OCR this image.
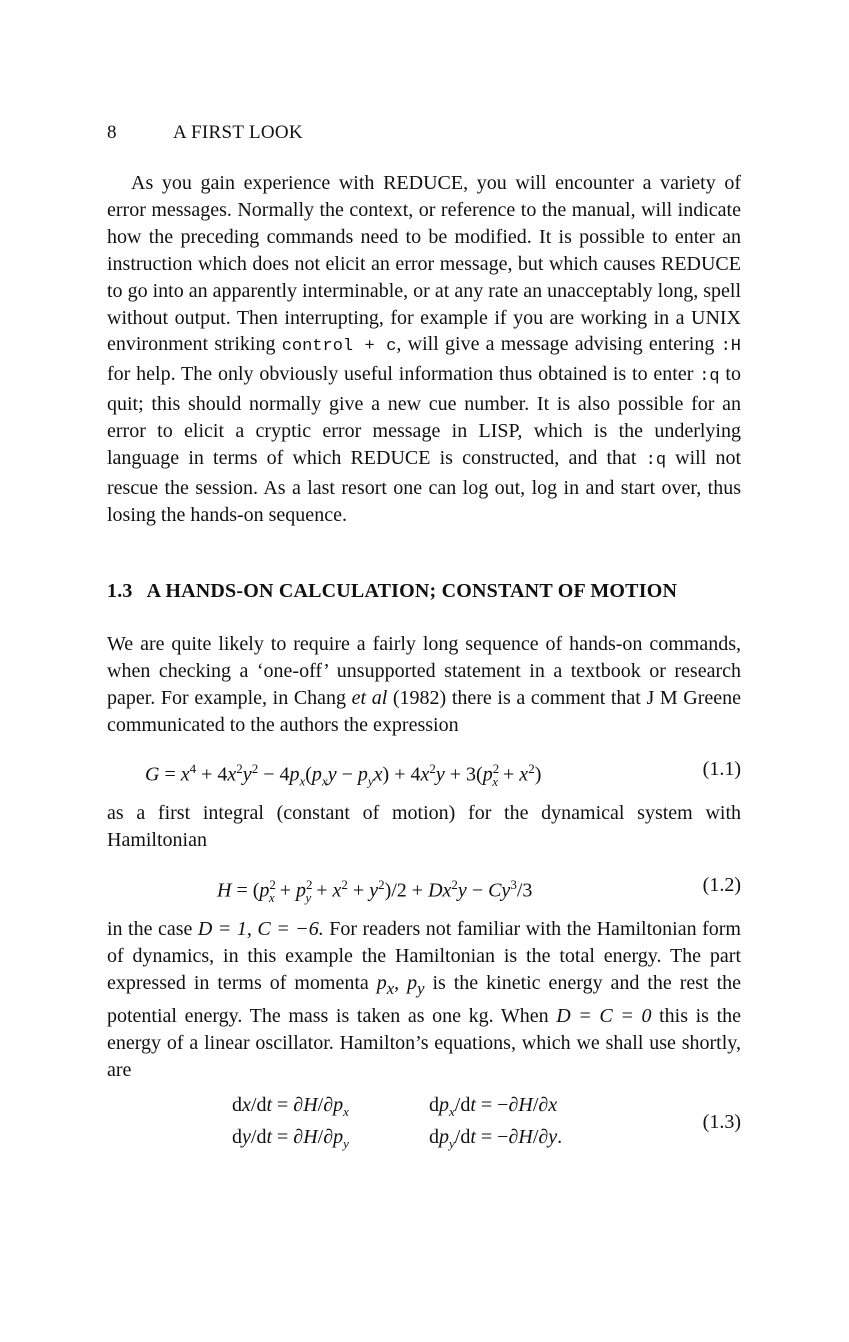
8	A FIRST LOOK

As you gain experience with REDUCE, you will encounter a variety of error messages. Normally the context, or reference to the manual, will indicate how the preceding commands need to be modified. It is possible to enter an instruction which does not elicit an error message, but which causes REDUCE to go into an apparently interminable, or at any rate an unacceptably long, spell without output. Then interrupting, for example if you are working in a UNIX environment striking control + c, will give a message advising entering :H for help. The only obviously useful information thus obtained is to enter :q to quit; this should normally give a new cue number. It is also possible for an error to elicit a cryptic error message in LISP, which is the underlying language in terms of which REDUCE is constructed, and that :q will not rescue the session. As a last resort one can log out, log in and start over, thus losing the hands-on sequence.

1.3 A HANDS-ON CALCULATION; CONSTANT OF MOTION

We are quite likely to require a fairly long sequence of hands-on commands, when checking a ‘one-off’ unsupported statement in a textbook or research paper. For example, in Chang et al (1982) there is a comment that J M Greene communicated to the authors the expression

$G = x^4 + 4x^2y^2 - 4p_x(p_xy - p_yx) + 4x^2y + 3(p^2_x + x^2)$	(1.1)

as a first integral (constant of motion) for the dynamical system with Hamiltonian

$H = (p^2_x + p^2_y + x^2 + y^2)/2 + Dx^2y - Cy^3/3$	(1.2)

in the case D = 1, C = −6. For readers not familiar with the Hamiltonian form of dynamics, in this example the Hamiltonian is the total energy. The part expressed in terms of momenta $p_x$, $p_y$ is the kinetic energy and the rest the potential energy. The mass is taken as one kg. When D = C = 0 this is the energy of a linear oscillator. Hamilton’s equations, which we shall use shortly, are

$dx/dt = \partial H/\partial p_x$	$dp_x/dt = -\partial H/\partial x$
$dy/dt = \partial H/\partial p_y$	$dp_y/dt = -\partial H/\partial y$.
(1.3)
